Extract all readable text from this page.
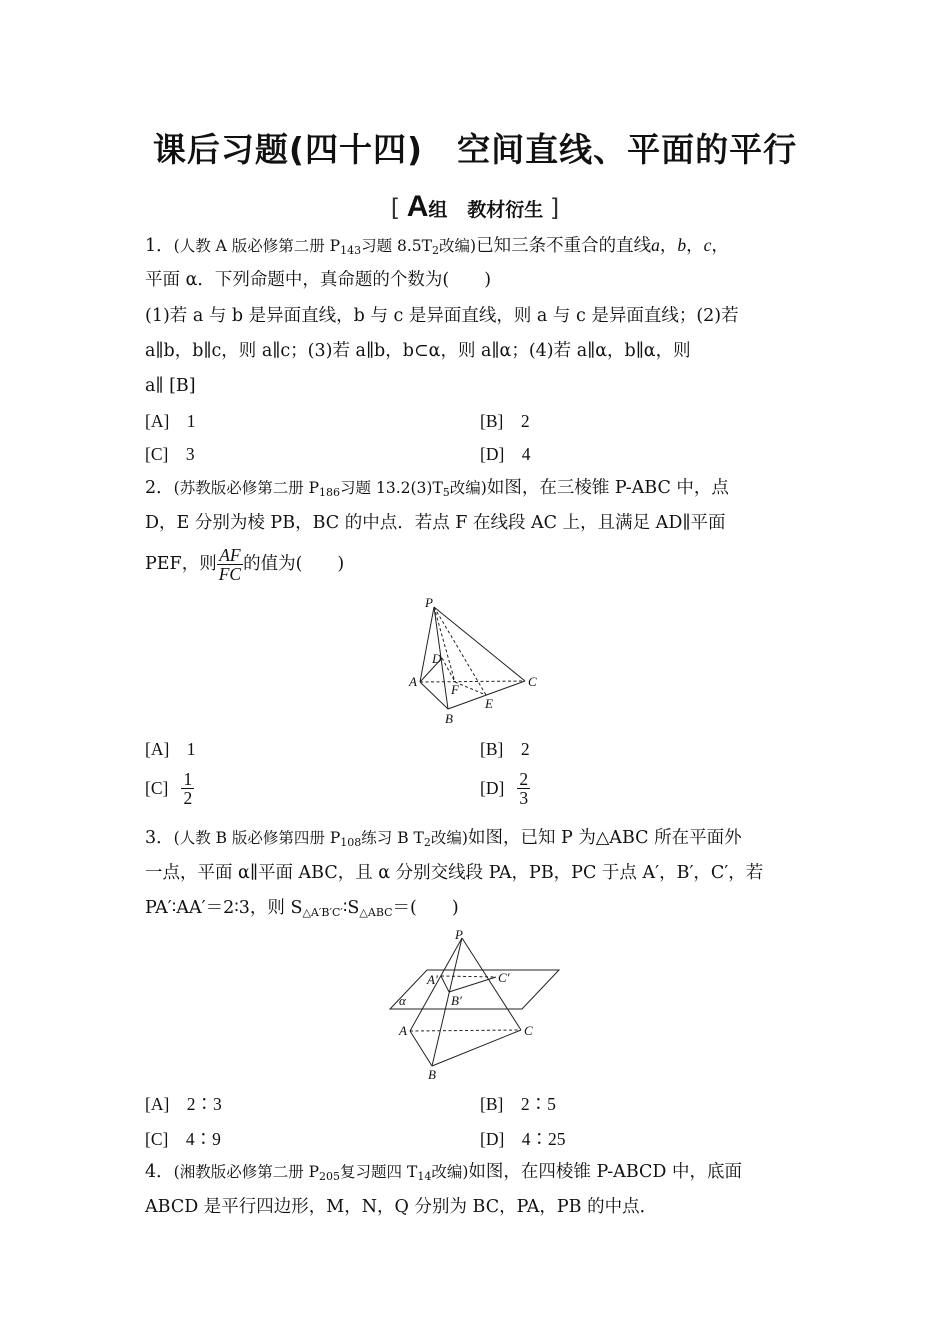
课后习题(四十四) 空间直线、平面的平行
[ A组 教材衍生 ]
1．(人教 A 版必修第二册 $P_{143}$习题 $8.5T_2$改编)已知三条不重合的直线a，b，c，
平面 α．下列命题中，真命题的个数为(　　)
(1)若 a 与 b 是异面直线，b 与 c 是异面直线，则 a 与 c 是异面直线；(2)若
a∥b，b∥c，则 a∥c；(3)若 a∥b，b⊂α，则 a∥α；(4)若 a∥α，b∥α，则
a∥ [B]
[A]　1	[B]　2
[C]　3	[D]　4
2．(苏教版必修第二册 $P_{186}$习题 $13.2(3)T_5$改编)如图，在三棱锥 P-ABC 中，点
D，E 分别为棱 PB，BC 的中点．若点 F 在线段 AC 上，且满足 AD∥平面
PEF，则 $\frac{AF}{FC}$ 的值为(　　)
P
D
A
F
E
B
C
[A]　1	[B]　2
$[C] \frac{1}{2}$	$[D] \frac{2}{3}$
3．(人教 B 版必修第四册 $P_{108}$练习 B $T_2$改编)如图，已知 P 为△ABC 所在平面外
一点，平面 α∥平面 ABC，且 α 分别交线段 PA，PB，PC 于点 A′，B′，C′，若
PA′∶AA′＝2∶3，则 $S_{\triangle A'B'C'}∶S_{\triangle ABC}=$(　　)
P
A′	C′
α	B′
A	C
B
[A]　2∶3	[B]　2∶5
[C]　4∶9	[D]　4∶25
4．(湘教版必修第二册 $P_{205}$复习题四 $T_{14}$改编)如图，在四棱锥 P-ABCD 中，底面
ABCD 是平行四边形，M，N，Q 分别为 BC，PA，PB 的中点．
